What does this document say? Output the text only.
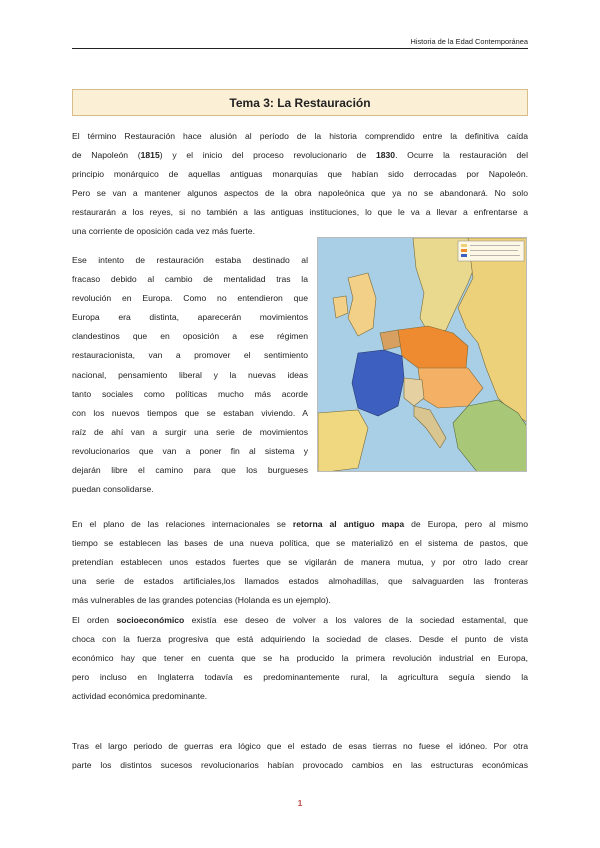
Historia de la Edad Contemporánea
Tema 3: La Restauración
El término Restauración hace alusión al período de la historia comprendido entre la definitiva caída
de Napoleón (1815) y el inicio del proceso revolucionario de 1830. Ocurre la restauración del
principio monárquico de aquellas antiguas monarquías que habían sido derrocadas por Napoleón.
Pero se van a mantener algunos aspectos de la obra napoleónica que ya no se abandonará. No solo
restaurarán a los reyes, si no también a las antiguas instituciones, lo que le va a llevar a enfrentarse a
una corriente de oposición cada vez más fuerte.
Ese intento de restauración estaba destinado al
fracaso debido al cambio de mentalidad tras la
revolución en Europa. Como no entendieron que
Europa era distinta, aparecerán movimientos
clandestinos que en oposición a ese régimen
restauracionista, van a promover el sentimiento
nacional, pensamiento liberal y la nuevas ideas
tanto sociales como políticas mucho más acorde
con los nuevos tiempos que se estaban viviendo. A
raíz de ahí van a surgir una serie de movimientos
revolucionarios que van a poner fin al sistema y
dejarán libre el camino para que los burgueses
puedan consolidarse.
En el plano de las relaciones internacionales se retorna al antiguo mapa de Europa, pero al mismo
tiempo se establecen las bases de una nueva política, que se materializó en el sistema de pastos, que
pretendían establecen unos estados fuertes que se vigilarán de manera mutua, y por otro lado crear
una serie de estados artificiales,los llamados estados almohadillas, que salvaguarden las fronteras
más vulnerables de las grandes potencias (Holanda es un ejemplo).
El orden socioeconómico existía ese deseo de volver a los valores de la sociedad estamental, que
choca con la fuerza progresiva que está adquiriendo la sociedad de clases. Desde el punto de vista
económico hay que tener en cuenta que se ha producido la primera revolución industrial en Europa,
pero incluso en Inglaterra todavía es predominantemente rural, la agricultura seguía siendo la
actividad económica predominante.
Tras el largo periodo de guerras era lógico que el estado de esas tierras no fuese el idóneo. Por otra
parte los distintos sucesos revolucionarios habían provocado cambios en las estructuras económicas
1
